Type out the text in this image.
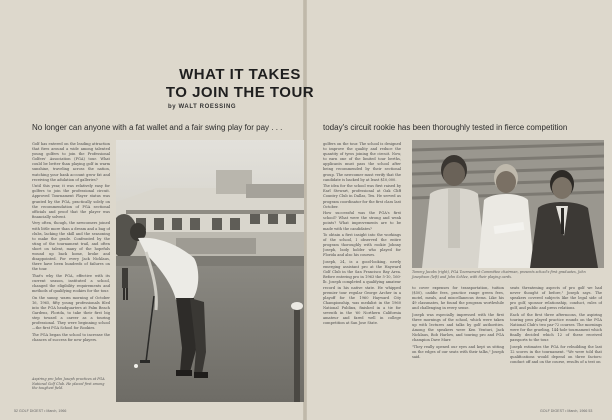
WHAT IT TAKES
TO JOIN THE TOUR
by WALT ROESSING
No longer can anyone with a fat wallet and a fair swing play for pay . . .	today's circuit rookie has been thoroughly tested in fierce competition

Golf has entered on the leading attraction that fires around a wide among talented young golfers to join the Professional Golfers' Association (PGA) tour. What could be better than playing golf in warm sunshine, traveling across the nation, watching your bank account grow fat and receiving the adulation of galleries?

Until this year, it was relatively easy for golfers to join the professional circuit. Approved Tournament Player status was granted by the PGA, practically solely on the recommendation of PGA sectional officials and proof that the player was financially solvent.

Very often, though, the newcomers joined with little more than a dream and a bag of clubs, lacking the skill and the seasoning to make the grade. Confronted by the sting of the tournament trail, and often short on talent, many of the hopefuls wound up back home, broke and disappointed. For every Jack Nicklaus, there have been hundreds of failures on the tour.

That's why the PGA, effective with its current season, instituted a school, changed the eligibility requirements and methods of qualifying rookies for the tour.

On the sunny, warm morning of October 16, 1965, fifty young professionals filed into the PGA headquarters at Palm Beach Gardens, Florida, to take their first big step toward a career as a touring professional. They were beginning school—the first PGA School for Rookies.

The PGA began the school to increase the chances of success for new players.

Aspiring pro John Joseph practices at PGA National Golf Club. He placed first among the toughest field.
52 GOLF DIGEST • March, 1966

golfers on the tour. The school is designed to improve the quality and reduce the quantity of tyros joining the circuit. Now, to earn one of the limited tour berths, applicants must pass the school after being recommended by their sectional group. The newcomer must verify that the candidate is backed by at least $10,000.

The idea for the school was first raised by Earl Stewart, professional at Oak Cliff Country Club in Dallas, Tex. He served as program coordinator for the first class last October.

How successful was the PGA's first school? What were the strong and weak points? What improvements are to be made with the candidates?

To obtain a first insight into the workings of the school, I observed the entire program thoroughly with rookie Johnny Joseph, body holder who played for Florida and also his courses.

Joseph, 24, is a good-looking, newly emerging assistant pro at the Hayward Golf Club in the San Francisco Bay Area. Before entering pro in 1963 the 5-10, 160-lb. Joseph completed a qualifying amateur record in his native state. He whipped premier tour regular George Archer in a playoff for the 1960 Hayward City Championship, was medalist in the 1960 National Publinx, finished in a tie for seventh in the '60 Northern California amateur and fared well in college competition at San Jose State.

Tommy Jacobs (right), PGA Tournament Committee chairman, presents school's first graduates, John Josephson (left) and John Schlee, with their playing cards.

to cover expenses for transportation, tuition ($50), caddie fees, practice range green fees, motel, meals, and miscellaneous items. Like his 49 classmates, he found the program worthwhile and challenging in every sense.

Joseph was especially impressed with the first three mornings of the school, which were taken up with lectures and talks by golf authorities. Among the speakers were Ken Venturi, Jack Nicklaus, Bob Harlow, and touring pro and PGA champion Dave Marr.

"They really opened our eyes and kept us sitting on the edges of our seats with their talks," Joseph said.

seats threatening aspects of pro golf we had never thought of before," Joseph says. The speakers covered subjects like the legal side of pro golf, sponsor relationship, conduct, rules of golf, and public and press relations.

Each of the first three afternoons, the aspiring touring pros played practice rounds on the PGA National Club's two par-72 courses. The mornings were for the grueling, 144-hole tournament which finally decided which 12 of these received passports to the tour.

Joseph estimates the PGA for rebuilding the last 12 scores in the tournament. "We were told that qualifications would depend on three factors: conduct off and on the course, results of a test on

GOLF DIGEST • March, 1966 53
